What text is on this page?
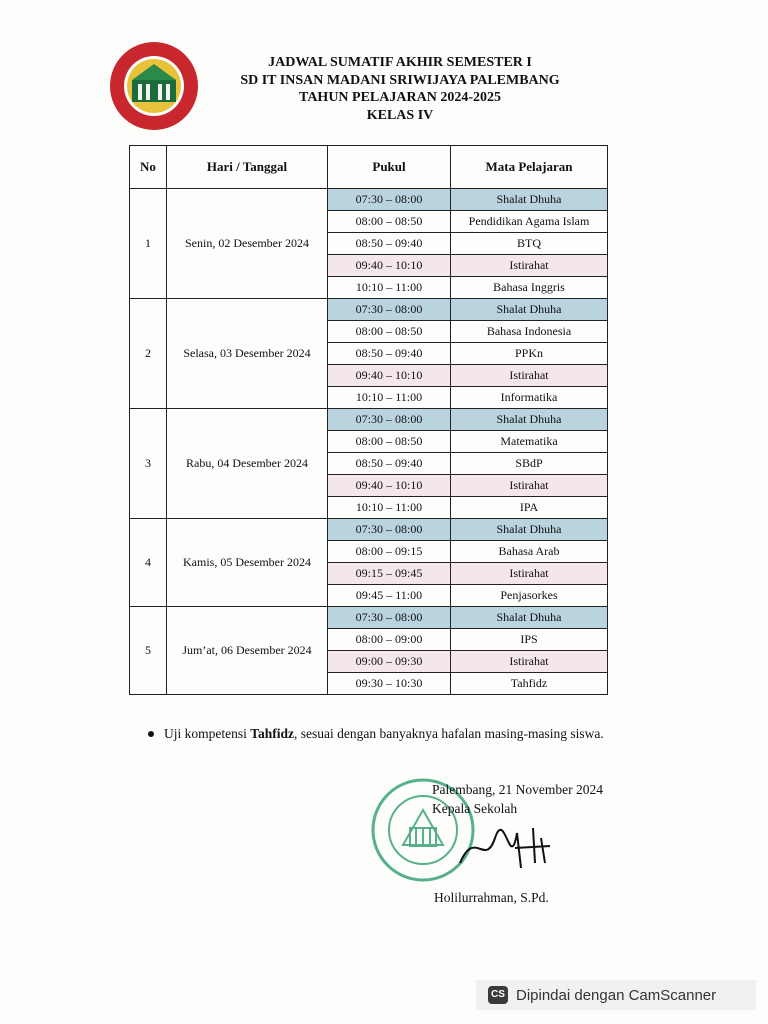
JADWAL SUMATIF AKHIR SEMESTER I
SD IT INSAN MADANI SRIWIJAYA PALEMBANG
TAHUN PELAJARAN 2024-2025
KELAS IV
No	Hari / Tanggal	Pukul	Mata Pelajaran
1	Senin, 02 Desember 2024	07:30 – 08:00	Shalat Dhuha
		08:00 – 08:50	Pendidikan Agama Islam
		08:50 – 09:40	BTQ
		09:40 – 10:10	Istirahat
		10:10 – 11:00	Bahasa Inggris
2	Selasa, 03 Desember 2024	07:30 – 08:00	Shalat Dhuha
		08:00 – 08:50	Bahasa Indonesia
		08:50 – 09:40	PPKn
		09:40 – 10:10	Istirahat
		10:10 – 11:00	Informatika
3	Rabu, 04 Desember 2024	07:30 – 08:00	Shalat Dhuha
		08:00 – 08:50	Matematika
		08:50 – 09:40	SBdP
		09:40 – 10:10	Istirahat
		10:10 – 11:00	IPA
4	Kamis, 05 Desember 2024	07:30 – 08:00	Shalat Dhuha
		08:00 – 09:15	Bahasa Arab
		09:15 – 09:45	Istirahat
		09:45 – 11:00	Penjasorkes
5	Jum’at, 06 Desember 2024	07:30 – 08:00	Shalat Dhuha
		08:00 – 09:00	IPS
		09:00 – 09:30	Istirahat
		09:30 – 10:30	Tahfidz
Uji kompetensi Tahfidz, sesuai dengan banyaknya hafalan masing-masing siswa.
Palembang, 21 November 2024
Kepala Sekolah
Holilurrahman, S.Pd.
CS Dipindai dengan CamScanner
